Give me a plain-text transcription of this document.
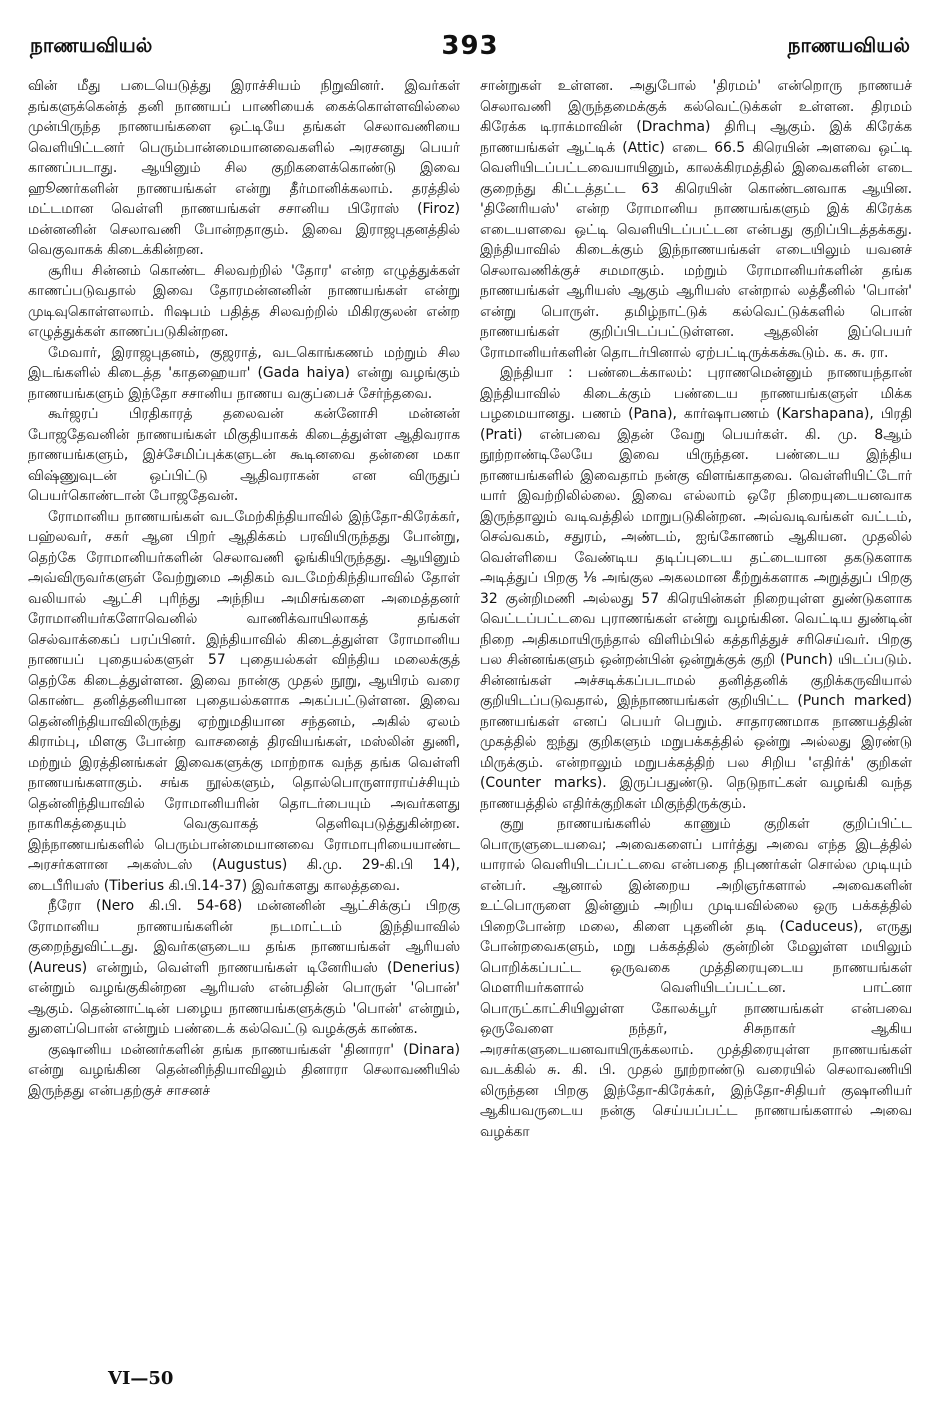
நாணயவியல்	393	நாணயவியல்

வின் மீது படையெடுத்து இராச்சியம் நிறுவினர். இவர்கள் தங்களுக்கென்த் தனி நாணயப் பாணியைக் கைக்கொள்ளவில்லை முன்பிருந்த நாணயங்களை ஒட்டியே தங்கள் செலாவணியை வெளியிட்டனர் பெரும்பான்மையானவைகளில் அரசனது பெயர் காணப்படாது. ஆயினும் சில குறிகளைக்கொண்டு இவை ஹூணர்களின் நாணயங்கள் என்று தீர்மானிக்கலாம். தரத்தில் மட்டமான வெள்ளி நாணயங்கள் சசானிய பிரோஸ் (Firoz) மன்னனின் செலாவணி போன்றதாகும். இவை இராஜபுதனத்தில் வெகுவாகக் கிடைக்கின்றன.

சூரிய சின்னம் கொண்ட சிலவற்றில் 'தோர' என்ற எழுத்துக்கள் காணப்படுவதால் இவை தோரமன்னனின் நாணயங்கள் என்று முடிவுகொள்ளலாம். ரிஷபம் பதித்த சிலவற்றில் மிகிரகுலன் என்ற எழுத்துக்கள் காணப்படுகின்றன.

மேவார், இராஜபுதனம், குஜராத், வடகொங்கணம் மற்றும் சில இடங்களில் கிடைத்த 'காதஹையா' (Gada haiya) என்று வழங்கும் நாணயங்களும் இந்தோ சசானிய நாணய வகுப்பைச் சேர்ந்தவை.

கூர்ஜரப் பிரதிகாரத் தலைவன் கன்னோசி மன்னன் போஜதேவனின் நாணயங்கள் மிகுதியாகக் கிடைத்துள்ள ஆதிவராக நாணயங்களும், இச்சேமிப்புக்களுடன் கூடினவை தன்னை மகா விஷ்ணுவுடன் ஒப்பிட்டு ஆதிவராகன் என விருதுப் பெயர்கொண்டான் போஜதேவன்.

ரோமானிய நாணயங்கள் வடமேற்கிந்தியாவில் இந்தோ-கிரேக்கர், பஹ்லவர், சகர் ஆன பிறர் ஆதிக்கம் பரவியிருந்தது போன்று, தெற்கே ரோமானியர்களின் செலாவணி ஓங்கியிருந்தது. ஆயினும் அவ்விருவர்களுள் வேற்றுமை அதிகம் வடமேற்கிந்தியாவில் தோள் வலியால் ஆட்சி புரிந்து அந்நிய அமிசங்களை அமைத்தனர் ரோமானியர்களோவெனில் வாணிக்வாயிலாகத் தங்கள் செல்வாக்கைப் பரப்பினர். இந்தியாவில் கிடைத்துள்ள ரோமானிய நாணயப் புதையல்களுள் 57 புதையல்கள் விந்திய மலைக்குத் தெற்கே கிடைத்துள்ளன. இவை நான்கு முதல் நூறு, ஆயிரம் வரை கொண்ட தனித்தனியான புதையல்களாக அகப்பட்டுள்ளன. இவை தென்னிந்தியாவிலிருந்து ஏற்றுமதியான சந்தனம், அகில் ஏலம் கிராம்பு, மிளகு போன்ற வாசனைத் திரவியங்கள், மஸ்லின் துணி, மற்றும் இரத்தினங்கள் இவைகளுக்கு மாற்றாக வந்த தங்க வெள்ளி நாணயங்களாகும். சங்க நூல்களும், தொல்பொருளாராய்ச்சியும் தென்னிந்தியாவில் ரோமானியரின் தொடர்பையும் அவர்களது நாகரிகத்தையும் வெகுவாகத் தெளிவுபடுத்துகின்றன. இந்நாணயங்களில் பெரும்பான்மையானவை ரோமாபுரியையாண்ட அரசர்களான அகஸ்டஸ் (Augustus) கி.மு. 29-கி.பி 14), டைபீரியஸ் (Tiberius கி.பி.14-37) இவர்களது காலத்தவை.

நீரோ (Nero கி.பி. 54-68) மன்னனின் ஆட்சிக்குப் பிறகு ரோமானிய நாணயங்களின் நடமாட்டம் இந்தியாவில் குறைந்துவிட்டது. இவர்களுடைய தங்க நாணயங்கள் ஆரியஸ் (Aureus) என்றும், வெள்ளி நாணயங்கள் டினேரியஸ் (Denerius) என்றும் வழங்குகின்றன ஆரியஸ் என்பதின் பொருள் 'பொன்' ஆகும். தென்னாட்டின் பழைய நாணயங்களுக்கும் 'பொன்' என்றும், துளைப்பொன் என்றும் பண்டைக் கல்வெட்டு வழக்குக் காண்க.

குஷானிய மன்னர்களின் தங்க நாணயங்கள் 'தினாரா' (Dinara) என்று வழங்கின தென்னிந்தியாவிலும் தினாரா செலாவணியில் இருந்தது என்பதற்குச் சாசனச்

சான்றுகள் உள்ளன. அதுபோல் 'திரமம்' என்றொரு நாணயச் செலாவணி இருந்தமைக்குக் கல்வெட்டுக்கள் உள்ளன. திரமம் கிரேக்க டிராக்மாவின் (Drachma) திரிபு ஆகும். இக் கிரேக்க நாணயங்கள் ஆட்டிக் (Attic) எடை 66.5 கிரெயின் அளவை ஒட்டி வெளியிடப்பட்டவையாயினும், காலக்கிரமத்தில் இவைகளின் எடை குறைந்து கிட்டத்தட்ட 63 கிரெயின் கொண்டனவாக ஆயின. 'தினேரியஸ்' என்ற ரோமானிய நாணயங்களும் இக் கிரேக்க எடையளவை ஒட்டி வெளியிடப்பட்டன என்பது குறிப்பிடத்தக்கது. இந்தியாவில் கிடைக்கும் இந்நாணயங்கள் எடையிலும் யவனச் செலாவணிக்குச் சமமாகும். மற்றும் ரோமானியர்களின் தங்க நாணயங்கள் ஆரியஸ் ஆகும் ஆரியஸ் என்றால் லத்தீனில் 'பொன்' என்று பொருள். தமிழ்நாட்டுக் கல்வெட்டுக்களில் பொன் நாணயங்கள் குறிப்பிடப்பட்டுள்ளன. ஆதலின் இப்பெயர் ரோமானியர்களின் தொடர்பினால் ஏற்பட்டிருக்கக்கூடும். க. சு. ரா.

இந்தியா : பண்டைக்காலம்: புராணமென்னும் நாணயந்தான் இந்தியாவில் கிடைக்கும் பண்டைய நாணயங்களுள் மிக்க பழமையானது. பணம் (Pana), கார்ஷாபணம் (Karshapana), பிரதி (Prati) என்பவை இதன் வேறு பெயர்கள். கி. மு. 8ஆம் நூற்றாண்டிலேயே இவை யிருந்தன. பண்டைய இந்திய நாணயங்களில் இவைதாம் நன்கு விளங்காதவை. வெள்ளியிட்டோர் யார் இவற்றிலில்லை. இவை எல்லாம் ஒரே நிறையுடையனவாக இருந்தாலும் வடிவத்தில் மாறுபடுகின்றன. அவ்வடிவங்கள் வட்டம், செவ்வகம், சதுரம், அண்டம், ஐங்கோணம் ஆகியன. முதலில் வெள்ளியை வேண்டிய தடிப்புடைய தட்டையான தகடுகளாக அடித்துப் பிறகு ⅛ அங்குல அகலமான கீற்றுக்களாக அறுத்துப் பிறகு 32 குன்றிமணி அல்லது 57 கிரெயின்கள் நிறையுள்ள துண்டுகளாக வெட்டப்பட்டவை புராணங்கள் என்று வழங்கின. வெட்டிய துண்டின் நிறை அதிகமாயிருந்தால் விளிம்பில் கத்தரித்துச் சரிசெய்வர். பிறகு பல சின்னங்களும் ஒன்றன்பின் ஒன்றுக்குக் குறி (Punch) யிடப்படும். சின்னங்கள் அச்சடிக்கப்படாமல் தனித்தனிக் குறிக்கருவியால் குறியிடப்படுவதால், இந்நாணயங்கள் குறியிட்ட (Punch marked) நாணயங்கள் எனப் பெயர் பெறும். சாதாரணமாக நாணயத்தின் முகத்தில் ஐந்து குறிகளும் மறுபக்கத்தில் ஒன்று அல்லது இரண்டு மிருக்கும். என்றாலும் மறுபக்கத்திற் பல சிறிய 'எதிர்க்' குறிகள் (Counter marks). இருப்பதுண்டு. நெடுநாட்கள் வழங்கி வந்த நாணயத்தில் எதிர்க்குறிகள் மிகுந்திருக்கும்.

குறு நாணயங்களில் காணும் குறிகள் குறிப்பிட்ட பொருளுடையவை; அவைகளைப் பார்த்து அவை எந்த இடத்தில் யாரால் வெளியிடப்பட்டவை என்பதை நிபுணர்கள் சொல்ல முடியும் என்பர். ஆனால் இன்றைய அறிஞர்களால் அவைகளின் உட்பொருளை இன்னும் அறிய முடியவில்லை ஒரு பக்கத்தில் பிறைபோன்ற மலை, கிளை புதனின் தடி (Caduceus), எருது போன்றவைகளும், மறு பக்கத்தில் குன்றின் மேலுள்ள மயிலும் பொறிக்கப்பட்ட ஒருவகை முத்திரையுடைய நாணயங்கள் மௌரியர்களால் வெளியிடப்பட்டன. பாட்னா பொருட்காட்சியிலுள்ள கோலக்பூர் நாணயங்கள் என்பவை ஒருவேளை நந்தர், சிசுநாகர் ஆகிய அரசர்களுடையனவாயிருக்கலாம். முத்திரையுள்ள நாணயங்கள் வடக்கில் சு. கி. பி. முதல் நூற்றாண்டு வரையில் செலாவணியி லிருந்தன பிறகு இந்தோ-கிரேக்கர், இந்தோ-சிதியர் குஷானியர் ஆகியவருடைய நன்கு செய்யப்பட்ட நாணயங்களால் அவை வழக்கா

VI—50
